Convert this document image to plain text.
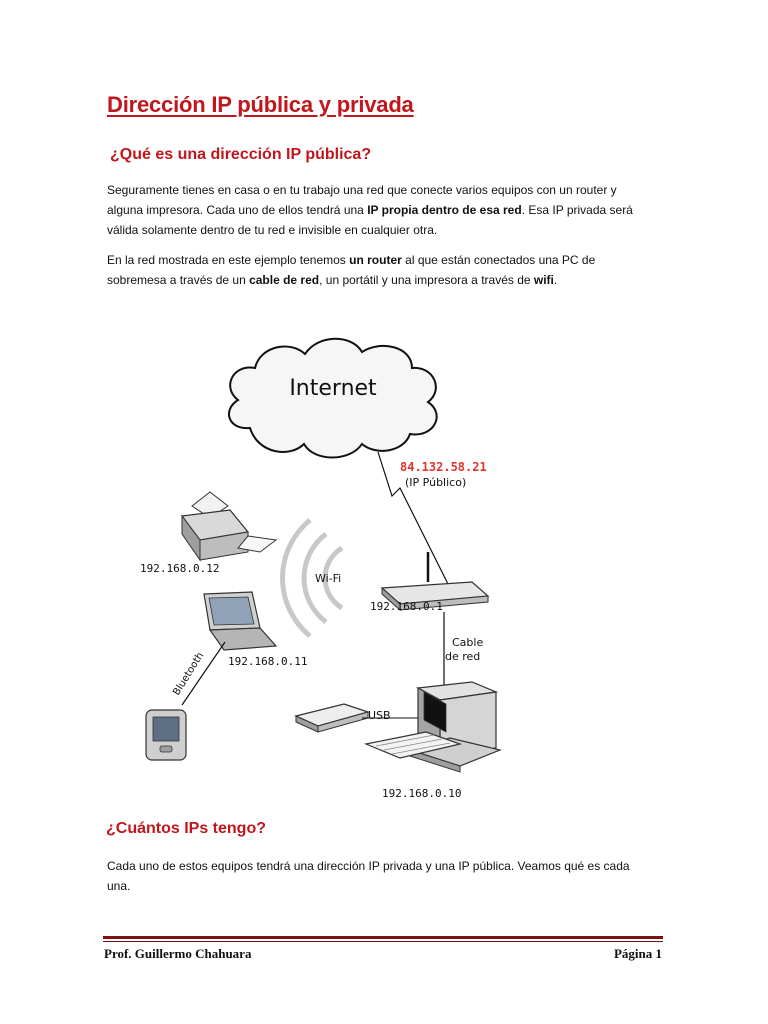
Dirección IP pública y privada
¿Qué es una dirección IP pública?

Seguramente tienes en casa o en tu trabajo una red que conecte varios equipos con un router y alguna impresora. Cada uno de ellos tendrá una IP propia dentro de esa red. Esa IP privada será válida solamente dentro de tu red e invisible en cualquier otra.

En la red mostrada en este ejemplo tenemos un router al que están conectados una PC de sobremesa a través de un cable de red, un portátil y una impresora a través de wifi.

Internet
84.132.58.21
(IP Público)
Wi-Fi
192.168.0.1
192.168.0.12
192.168.0.11
Bluetooth
Cable
de red
USB
192.168.0.10
¿Cuántos IPs tengo?

Cada uno de estos equipos tendrá una dirección IP privada y una IP pública. Veamos qué es cada una.

Prof. Guillermo Chahuara	Página 1
